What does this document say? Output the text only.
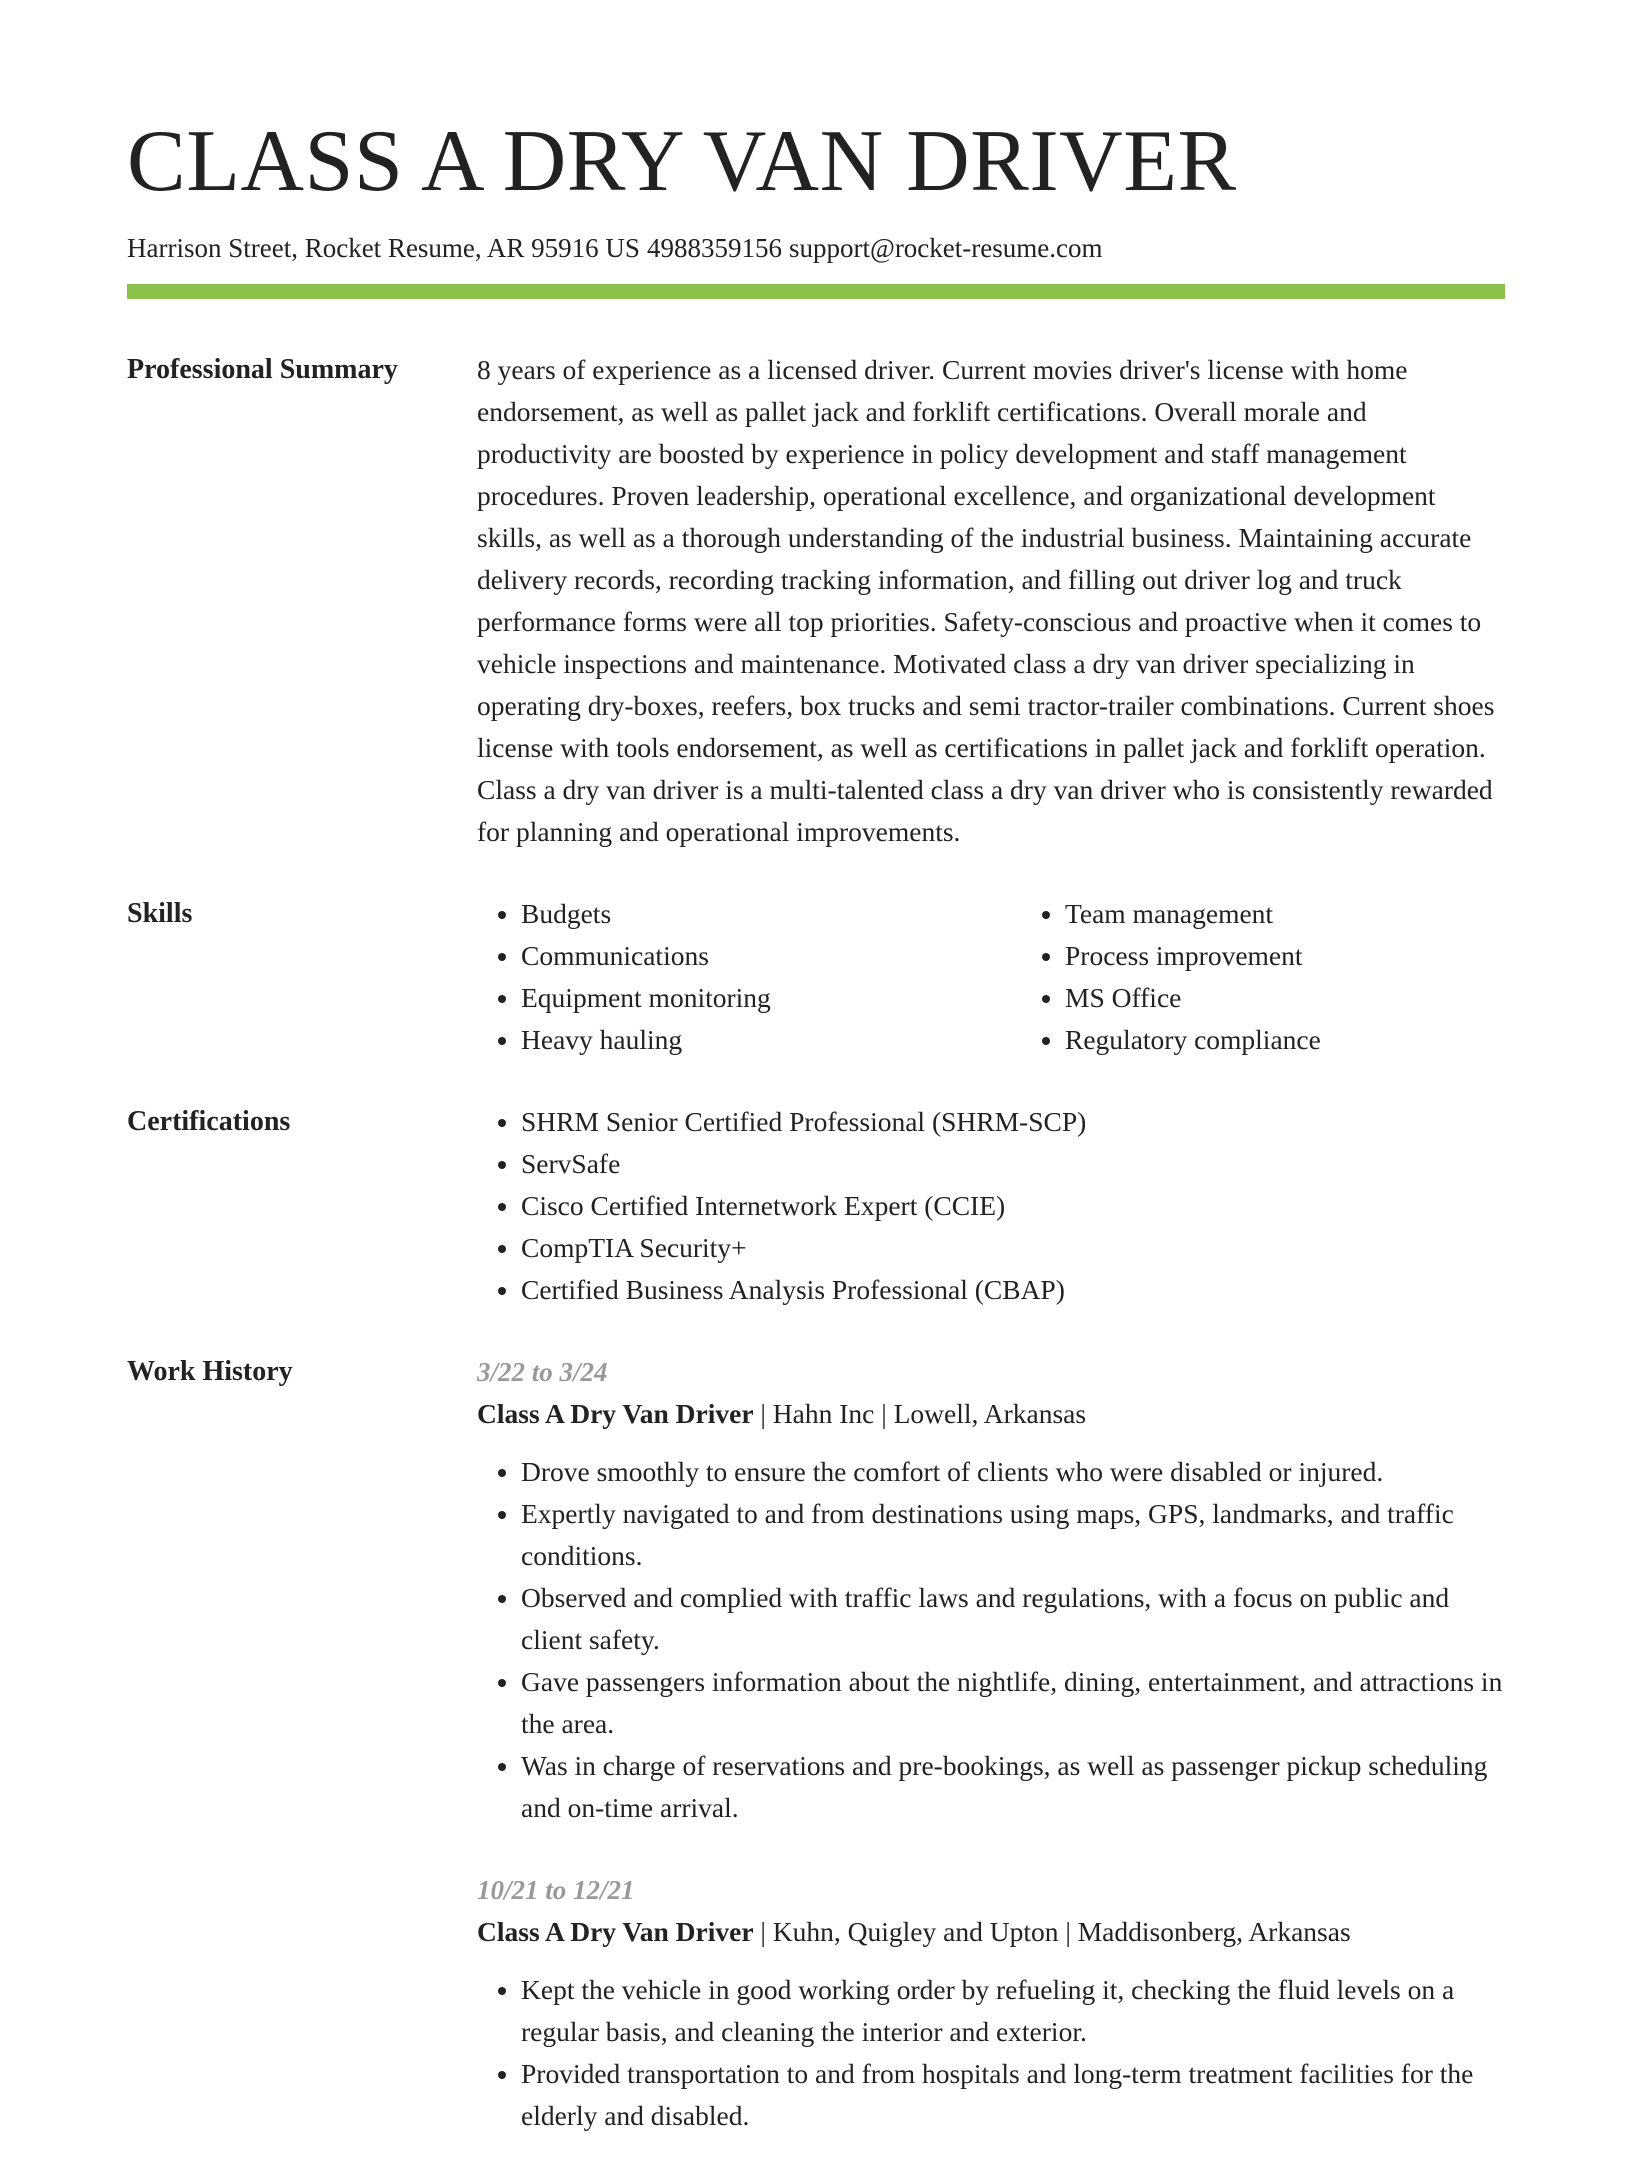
CLASS A DRY VAN DRIVER
Harrison Street, Rocket Resume, AR 95916 US 4988359156 support@rocket-resume.com
Professional Summary	8 years of experience as a licensed driver. Current movies driver's license with home endorsement, as well as pallet jack and forklift certifications. Overall morale and productivity are boosted by experience in policy development and staff management procedures. Proven leadership, operational excellence, and organizational development skills, as well as a thorough understanding of the industrial business. Maintaining accurate delivery records, recording tracking information, and filling out driver log and truck performance forms were all top priorities. Safety-conscious and proactive when it comes to vehicle inspections and maintenance. Motivated class a dry van driver specializing in operating dry-boxes, reefers, box trucks and semi tractor-trailer combinations. Current shoes license with tools endorsement, as well as certifications in pallet jack and forklift operation. Class a dry van driver is a multi-talented class a dry van driver who is consistently rewarded for planning and operational improvements.

Skills	• Budgets
• Communications
• Equipment monitoring
• Heavy hauling
• Team management
• Process improvement
• MS Office
• Regulatory compliance
Certifications	• SHRM Senior Certified Professional (SHRM-SCP)
• ServSafe
• Cisco Certified Internetwork Expert (CCIE)
• CompTIA Security+
• Certified Business Analysis Professional (CBAP)
Work History	3/22 to 3/24
Class A Dry Van Driver | Hahn Inc | Lowell, Arkansas
• Drove smoothly to ensure the comfort of clients who were disabled or injured.
• Expertly navigated to and from destinations using maps, GPS, landmarks, and traffic conditions.
• Observed and complied with traffic laws and regulations, with a focus on public and client safety.
• Gave passengers information about the nightlife, dining, entertainment, and attractions in the area.
• Was in charge of reservations and pre-bookings, as well as passenger pickup scheduling and on-time arrival.
10/21 to 12/21
Class A Dry Van Driver | Kuhn, Quigley and Upton | Maddisonberg, Arkansas
• Kept the vehicle in good working order by refueling it, checking the fluid levels on a regular basis, and cleaning the interior and exterior.
• Provided transportation to and from hospitals and long-term treatment facilities for the elderly and disabled.
